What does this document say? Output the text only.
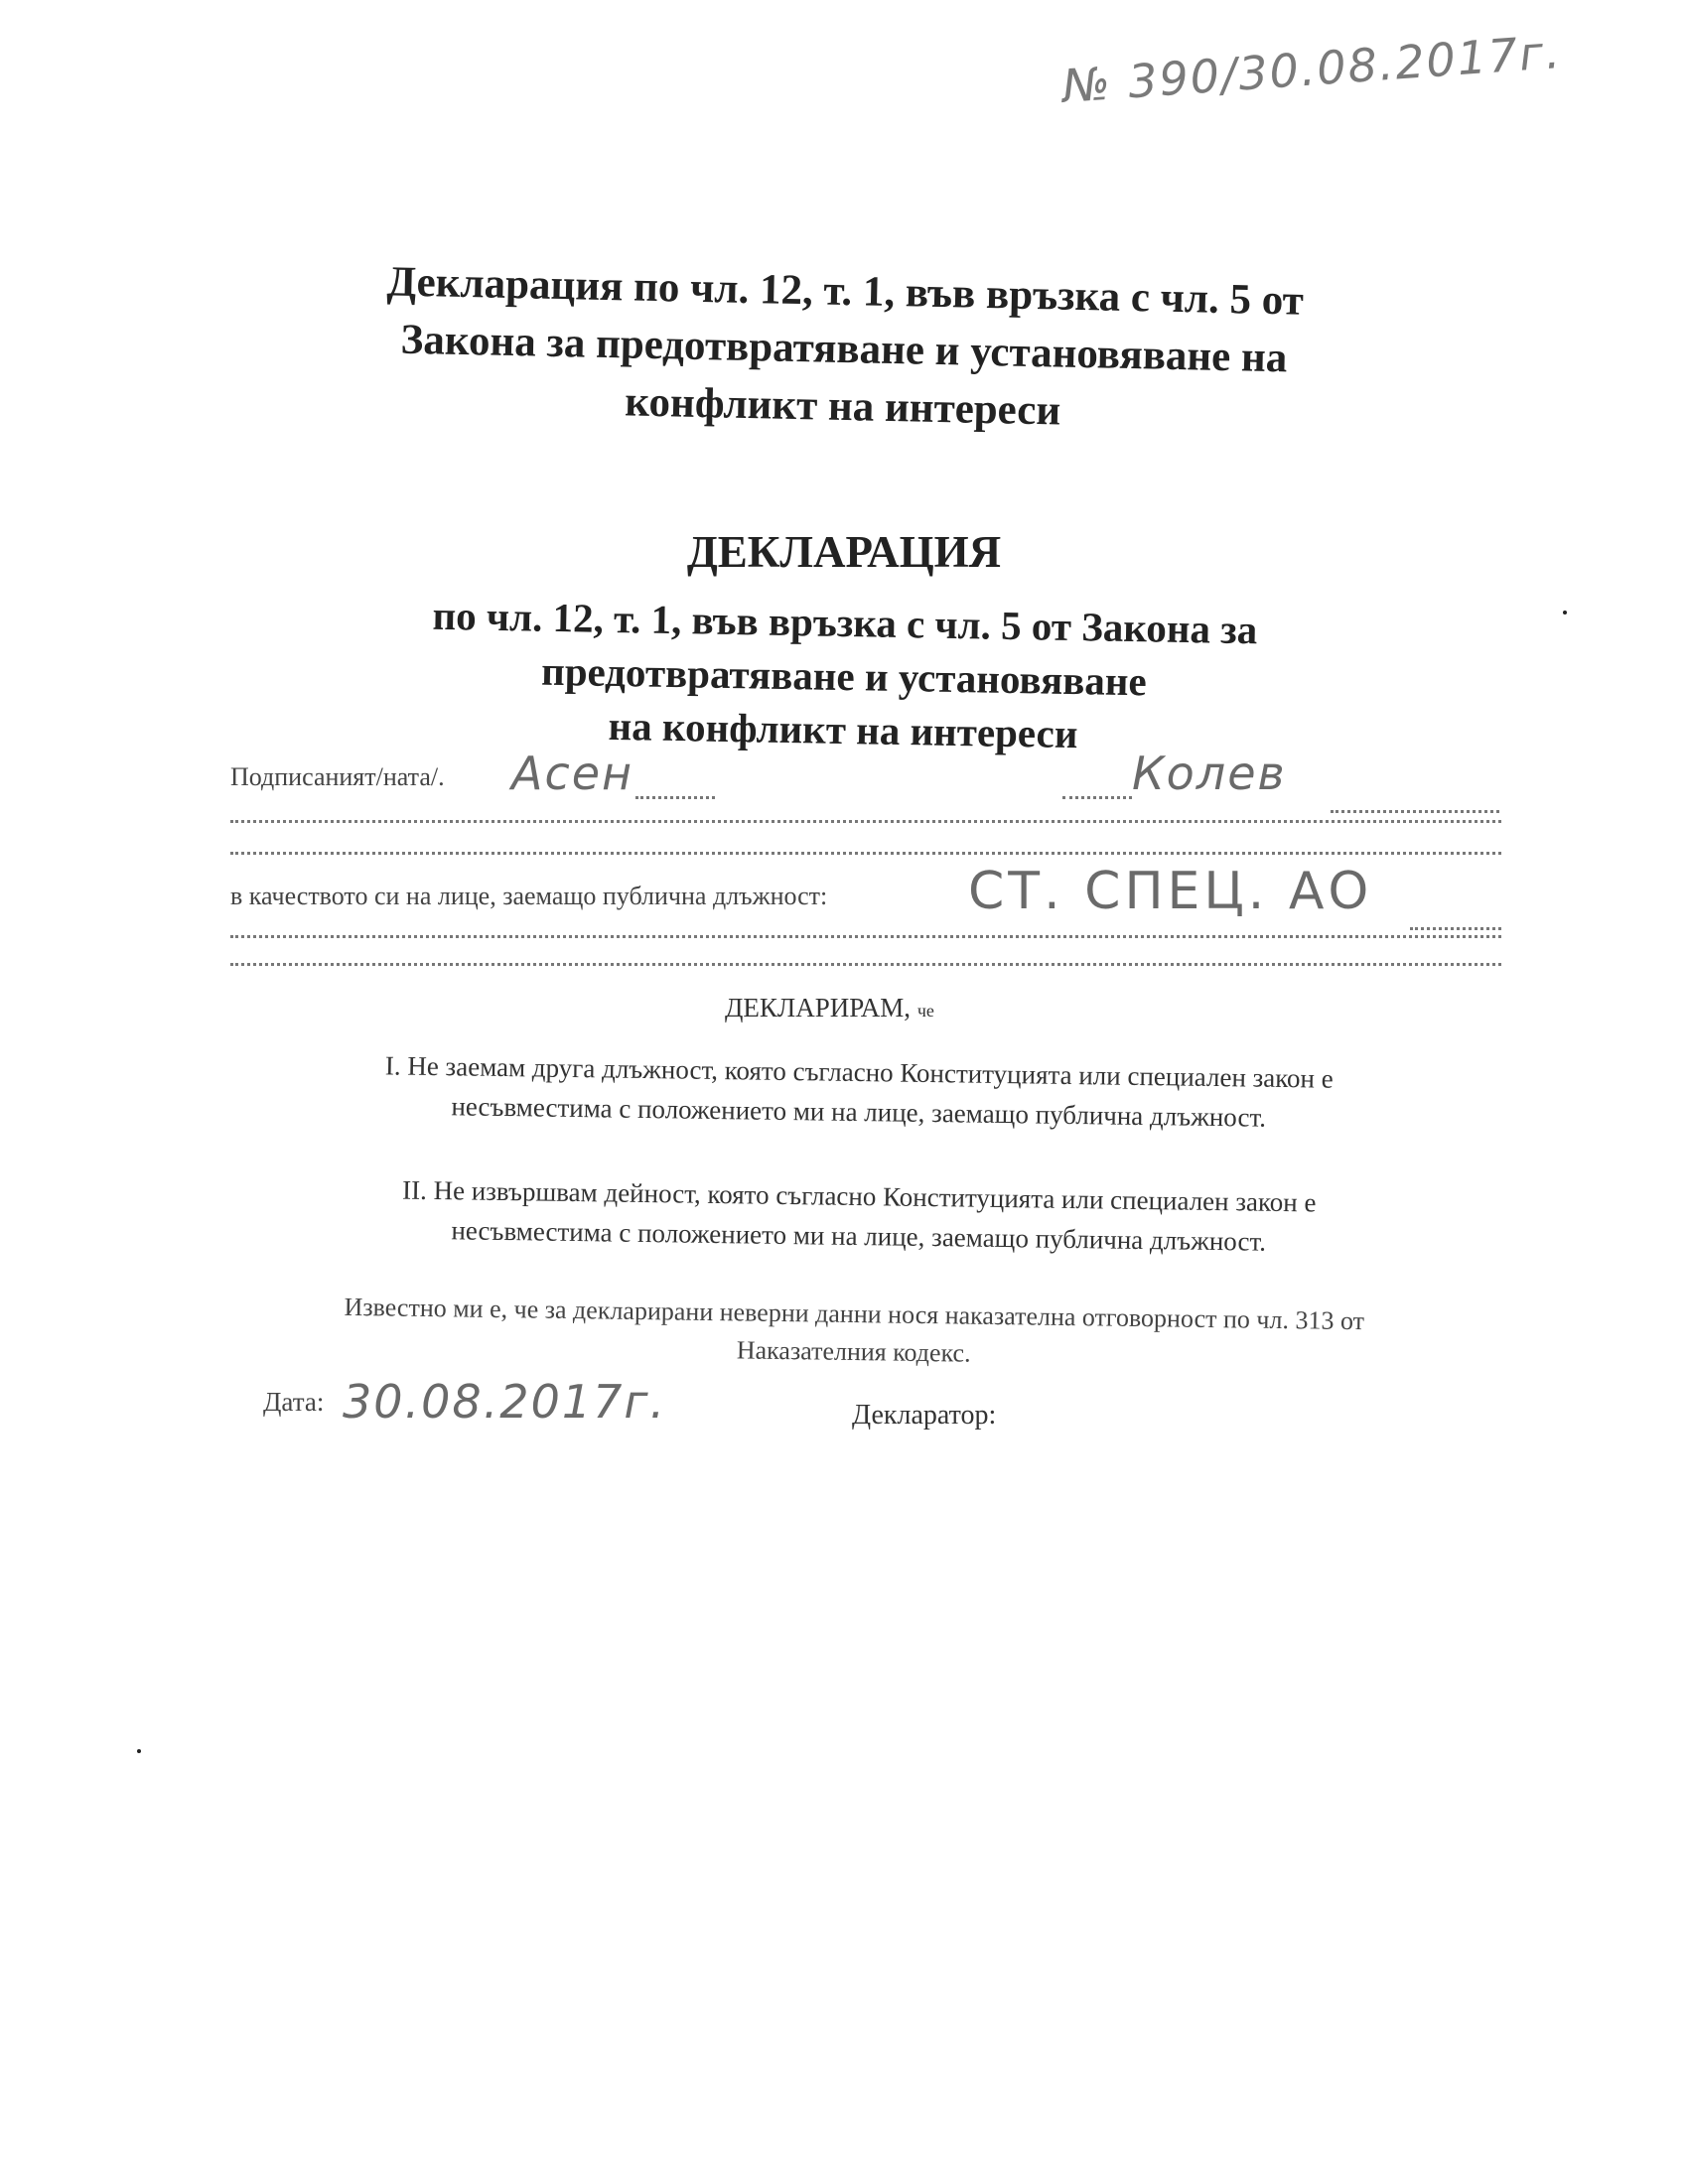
№ 390/30.08.2017г.
Декларация по чл. 12, т. 1, във връзка с чл. 5 от
Закона за предотвратяване и установяване на
конфликт на интереси
ДЕКЛАРАЦИЯ
по чл. 12, т. 1, във връзка с чл. 5 от Закона за
предотвратяване и установяване
на конфликт на интереси
Подписаният/ната/. Асен	Колев
в качеството си на лице, заемащо публична длъжност:	СТ. СПЕЦ. АО
ДЕКЛАРИРАМ, че
I. Не заемам друга длъжност, която съгласно Конституцията или специален закон е
несъвместима с положението ми на лице, заемащо публична длъжност.
II. Не извършвам дейност, която съгласно Конституцията или специален закон е
несъвместима с положението ми на лице, заемащо публична длъжност.
Известно ми е, че за декларирани неверни данни нося наказателна отговорност по чл. 313 от
Наказателния кодекс.
Дата: 30.08.2017г.	Декларатор:
